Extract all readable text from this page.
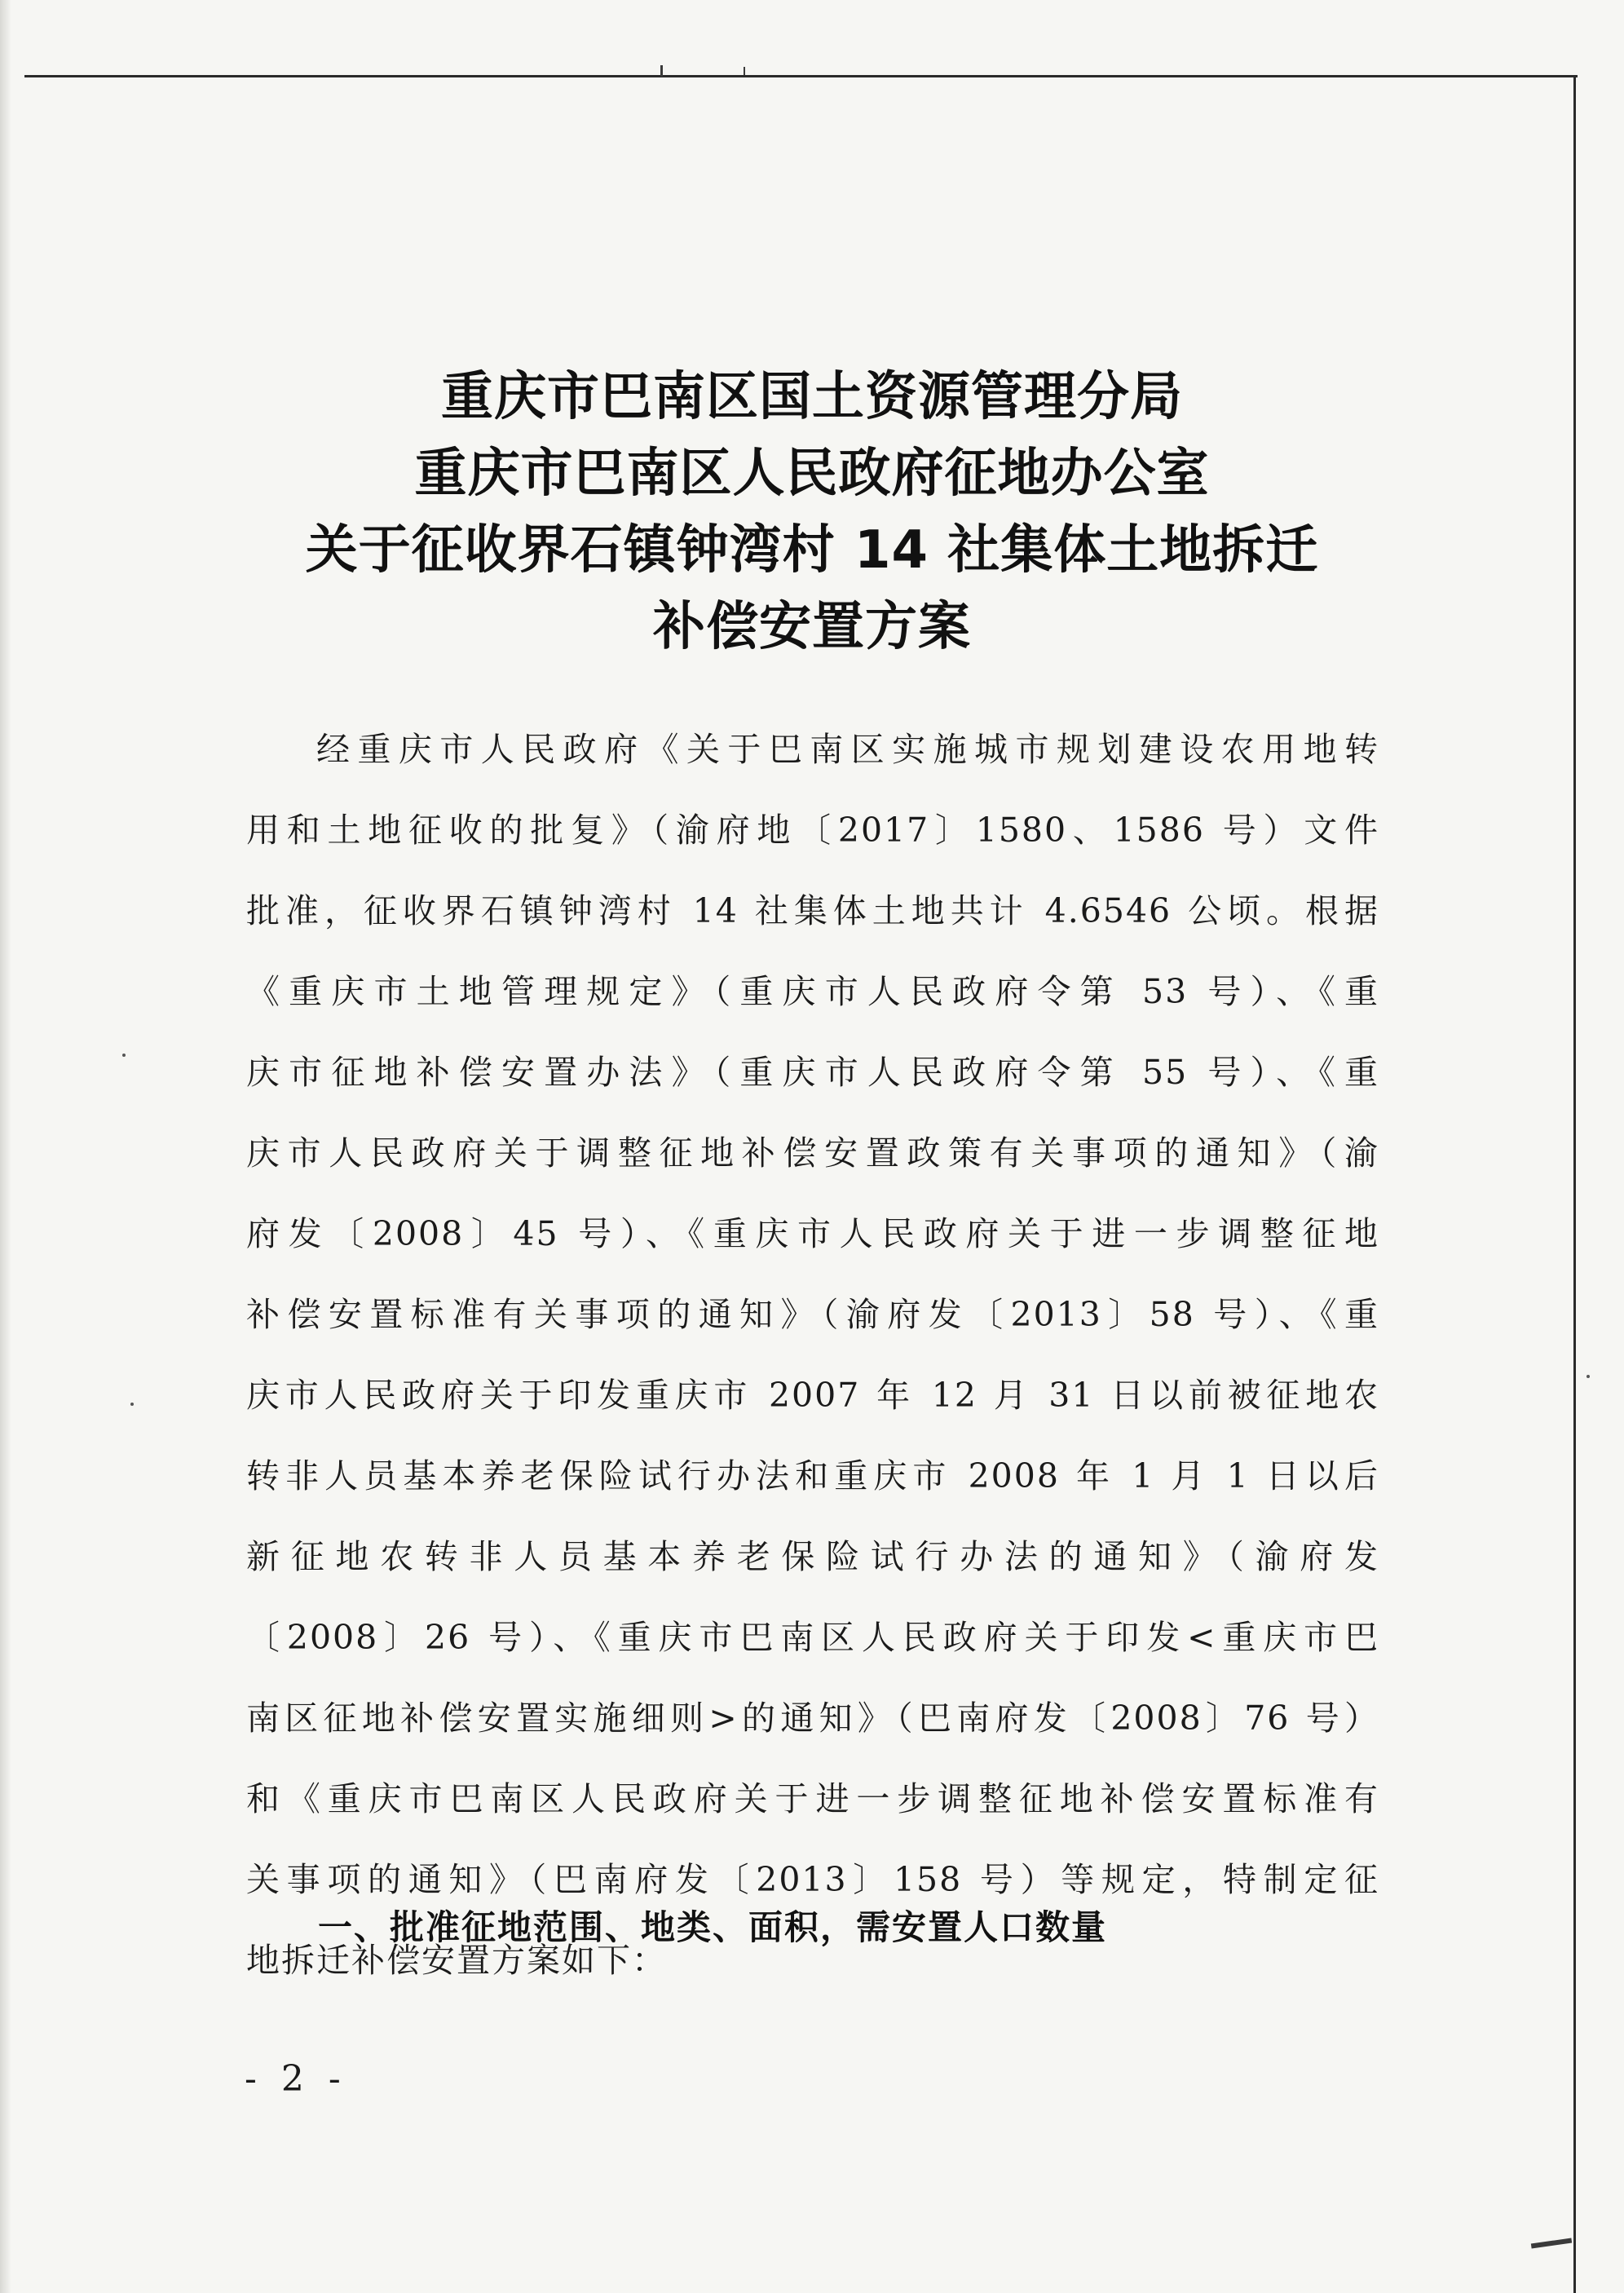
重庆市巴南区国土资源管理分局
重庆市巴南区人民政府征地办公室
关于征收界石镇钟湾村 14 社集体土地拆迁
补偿安置方案
经重庆市人民政府《关于巴南区实施城市规划建设农用地转
用和土地征收的批复》（渝府地〔2017〕1580、1586 号）文件
批准，征收界石镇钟湾村 14 社集体土地共计 4.6546 公顷。根据
《重庆市土地管理规定》（重庆市人民政府令第 53 号）、《重
庆市征地补偿安置办法》（重庆市人民政府令第 55 号）、《重
庆市人民政府关于调整征地补偿安置政策有关事项的通知》（渝
府发〔2008〕45 号）、《重庆市人民政府关于进一步调整征地
补偿安置标准有关事项的通知》（渝府发〔2013〕58 号）、《重
庆市人民政府关于印发重庆市 2007 年 12 月 31 日以前被征地农
转非人员基本养老保险试行办法和重庆市 2008 年 1 月 1 日以后
新征地农转非人员基本养老保险试行办法的通知》（渝府发
〔2008〕26 号）、《重庆市巴南区人民政府关于印发<重庆市巴
南区征地补偿安置实施细则>的通知》（巴南府发〔2008〕76 号）
和《重庆市巴南区人民政府关于进一步调整征地补偿安置标准有
关事项的通知》（巴南府发〔2013〕158 号）等规定，特制定征
地拆迁补偿安置方案如下：
一、批准征地范围、地类、面积，需安置人口数量
- 2 -
